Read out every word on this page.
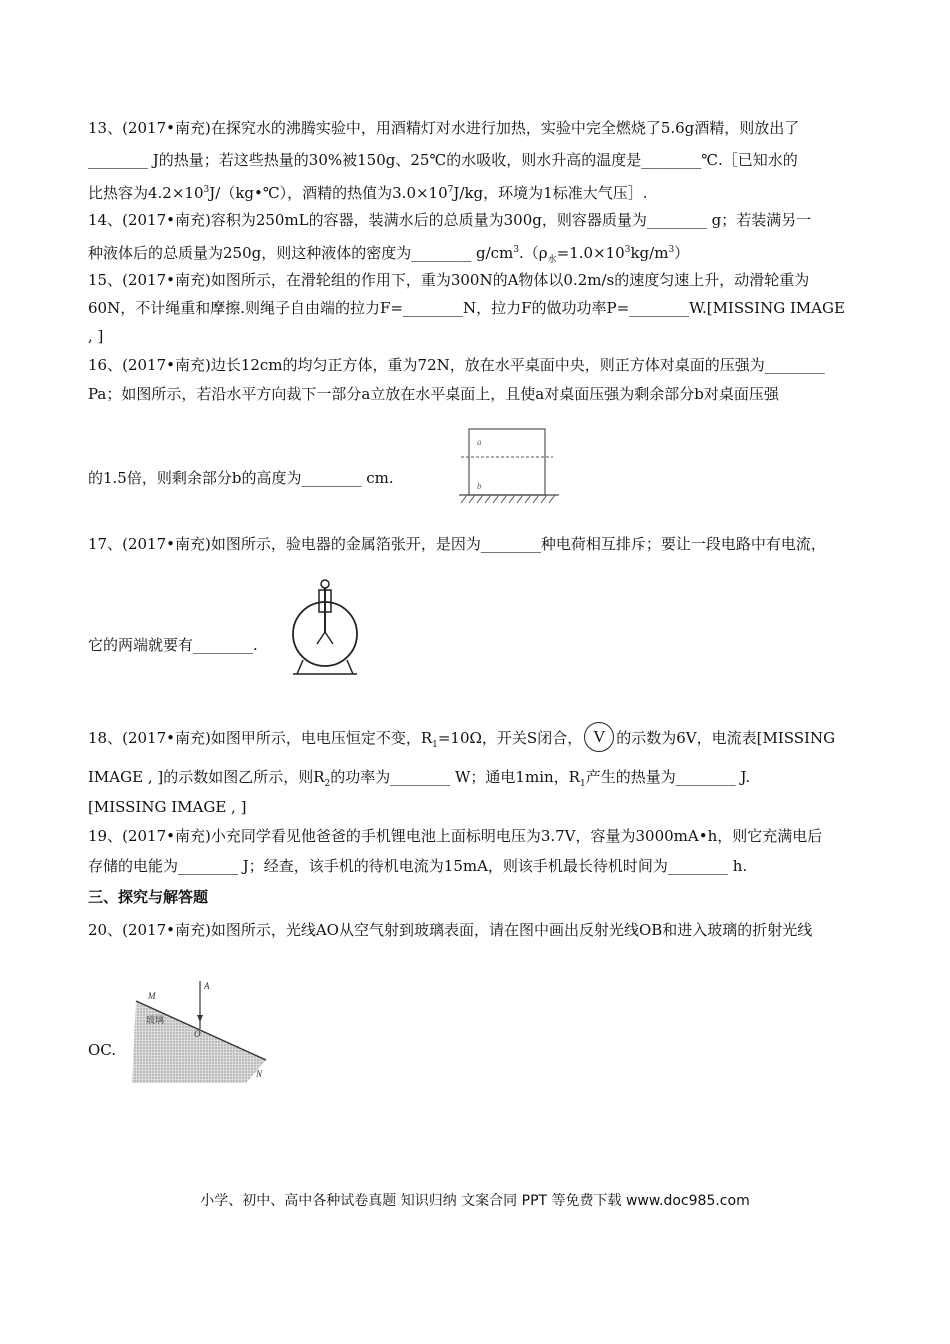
13、(2017•南充)在探究水的沸腾实验中，用酒精灯对水进行加热，实验中完全燃烧了5.6g酒精，则放出了
________ J的热量；若这些热量的30%被150g、25℃的水吸收，则水升高的温度是________℃.［已知水的
比热容为$4.2\times 10^3J/(kg•℃)$，酒精的热值为$3.0\times 10^7J/kg$，环境为1标准大气压］.
14、(2017•南充)容积为250mL的容器，装满水后的总质量为300g，则容器质量为________ g；若装满另一
种液体后的总质量为250g，则这种液体的密度为________ $g/cm^3.(\rho_水=1.0\times 10^3kg/m^3)$
15、(2017•南充)如图所示，在滑轮组的作用下，重为300N的A物体以0.2m/s的速度匀速上升，动滑轮重为
60N，不计绳重和摩擦.则绳子自由端的拉力F=________N，拉力F的做功功率P=________W.[MISSING IMAGE
, ]
16、(2017•南充)边长12cm的均匀正方体，重为72N，放在水平桌面中央，则正方体对桌面的压强为________
Pa；如图所示，若沿水平方向裁下一部分a立放在水平桌面上，且使a对桌面压强为剩余部分b对桌面压强
的1.5倍，则剩余部分b的高度为________ cm.
a
b
17、(2017•南充)如图所示，验电器的金属箔张开，是因为________种电荷相互排斥；要让一段电路中有电流，
它的两端就要有________.
18、(2017•南充)如图甲所示，电电压恒定不变，$R_1=10\Omega$，开关S闭合， V 的示数为6V，电流表[MISSING
IMAGE , ]的示数如图乙所示，则$R_2$的功率为________ W；通电1min，$R_1$产生的热量为________ J.
[MISSING IMAGE , ]
19、(2017•南充)小充同学看见他爸爸的手机锂电池上面标明电压为3.7V，容量为3000mA•h，则它充满电后
存储的电能为________ J；经查，该手机的待机电流为15mA，则该手机最长待机时间为________ h.
三、探究与解答题
20、(2017•南充)如图所示，光线AO从空气射到玻璃表面，请在图中画出反射光线OB和进入玻璃的折射光线
OC.
A
M
O
N
玻璃
小学、初中、高中各种试卷真题 知识归纳 文案合同 PPT 等免费下载 www.doc985.com
